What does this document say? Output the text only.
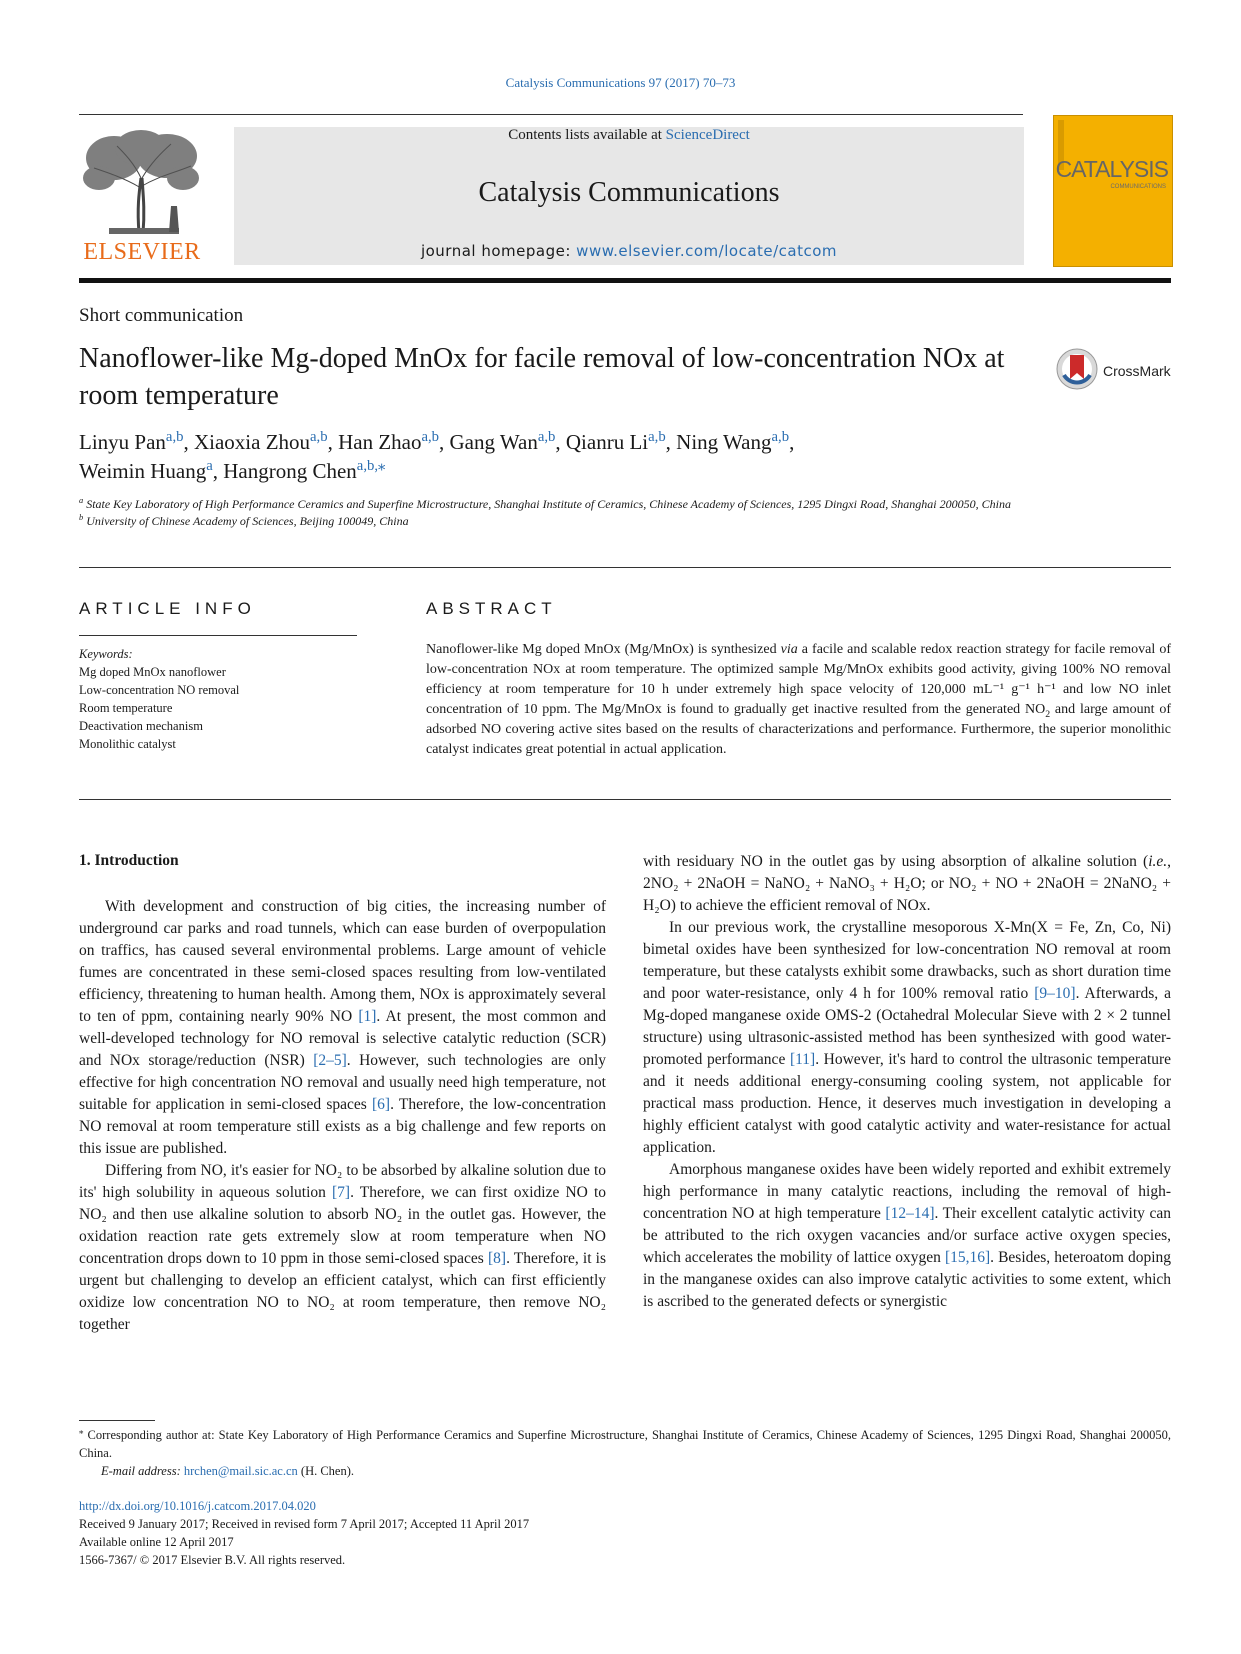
Catalysis Communications 97 (2017) 70–73
ELSEVIER
Contents lists available at ScienceDirect
Catalysis Communications
journal homepage: www.elsevier.com/locate/catcom
CATALYSIS
COMMUNICATIONS
Short communication
Nanoflower-like Mg-doped MnOx for facile removal of low-concentration NOx at room temperature
CrossMark
Linyu Pan$^{a,b}$, Xiaoxia Zhou$^{a,b}$, Han Zhao$^{a,b}$, Gang Wan$^{a,b}$, Qianru Li$^{a,b}$, Ning Wang$^{a,b}$,
Weimin Huang$^a$, Hangrong Chen$^{a,b,⁎}$
$^a$ State Key Laboratory of High Performance Ceramics and Superfine Microstructure, Shanghai Institute of Ceramics, Chinese Academy of Sciences, 1295 Dingxi Road, Shanghai 200050, China
$^b$ University of Chinese Academy of Sciences, Beijing 100049, China
ARTICLE INFO	ABSTRACT
Keywords:
Mg doped MnOx nanoflower
Low-concentration NO removal
Room temperature
Deactivation mechanism
Monolithic catalyst
Nanoflower-like Mg doped MnOx (Mg/MnOx) is synthesized via a facile and scalable redox reaction strategy for facile removal of low-concentration NOx at room temperature. The optimized sample Mg/MnOx exhibits good activity, giving 100% NO removal efficiency at room temperature for 10 h under extremely high space velocity of 120,000 mL⁻¹ g⁻¹ h⁻¹ and low NO inlet concentration of 10 ppm. The Mg/MnOx is found to gradually get inactive resulted from the generated $NO_2$ and large amount of adsorbed NO covering active sites based on the results of characterizations and performance. Furthermore, the superior monolithic catalyst indicates great potential in actual application.
1. Introduction

With development and construction of big cities, the increasing number of underground car parks and road tunnels, which can ease burden of overpopulation on traffics, has caused several environmental problems. Large amount of vehicle fumes are concentrated in these semi-closed spaces resulting from low-ventilated efficiency, threatening to human health. Among them, NOx is approximately several to ten of ppm, containing nearly 90% NO [1]. At present, the most common and well-developed technology for NO removal is selective catalytic reduction (SCR) and NOx storage/reduction (NSR) [2–5]. However, such technologies are only effective for high concentration NO removal and usually need high temperature, not suitable for application in semi-closed spaces [6]. Therefore, the low-concentration NO removal at room temperature still exists as a big challenge and few reports on this issue are published.

Differing from NO, it's easier for NO₂ to be absorbed by alkaline solution due to its' high solubility in aqueous solution [7]. Therefore, we can first oxidize NO to NO₂ and then use alkaline solution to absorb NO₂ in the outlet gas. However, the oxidation reaction rate gets extremely slow at room temperature when NO concentration drops down to 10 ppm in those semi-closed spaces [8]. Therefore, it is urgent but challenging to develop an efficient catalyst, which can first efficiently oxidize low concentration NO to NO₂ at room temperature, then remove NO₂ together

with residuary NO in the outlet gas by using absorption of alkaline solution (i.e., 2NO₂ + 2NaOH = NaNO₂ + NaNO₃ + H₂O; or NO₂ + NO + 2NaOH = 2NaNO₂ + H₂O) to achieve the efficient removal of NOx.

In our previous work, the crystalline mesoporous X-Mn(X = Fe, Zn, Co, Ni) bimetal oxides have been synthesized for low-concentration NO removal at room temperature, but these catalysts exhibit some drawbacks, such as short duration time and poor water-resistance, only 4 h for 100% removal ratio [9–10]. Afterwards, a Mg-doped manganese oxide OMS-2 (Octahedral Molecular Sieve with 2 × 2 tunnel structure) using ultrasonic-assisted method has been synthesized with good water-promoted performance [11]. However, it's hard to control the ultrasonic temperature and it needs additional energy-consuming cooling system, not applicable for practical mass production. Hence, it deserves much investigation in developing a highly efficient catalyst with good catalytic activity and water-resistance for actual application.

Amorphous manganese oxides have been widely reported and exhibit extremely high performance in many catalytic reactions, including the removal of high-concentration NO at high temperature [12–14]. Their excellent catalytic activity can be attributed to the rich oxygen vacancies and/or surface active oxygen species, which accelerates the mobility of lattice oxygen [15,16]. Besides, heteroatom doping in the manganese oxides can also improve catalytic activities to some extent, which is ascribed to the generated defects or synergistic

⁎ Corresponding author at: State Key Laboratory of High Performance Ceramics and Superfine Microstructure, Shanghai Institute of Ceramics, Chinese Academy of Sciences, 1295 Dingxi Road, Shanghai 200050, China.
E-mail address: hrchen@mail.sic.ac.cn (H. Chen).
http://dx.doi.org/10.1016/j.catcom.2017.04.020
Received 9 January 2017; Received in revised form 7 April 2017; Accepted 11 April 2017
Available online 12 April 2017
1566-7367/ © 2017 Elsevier B.V. All rights reserved.
